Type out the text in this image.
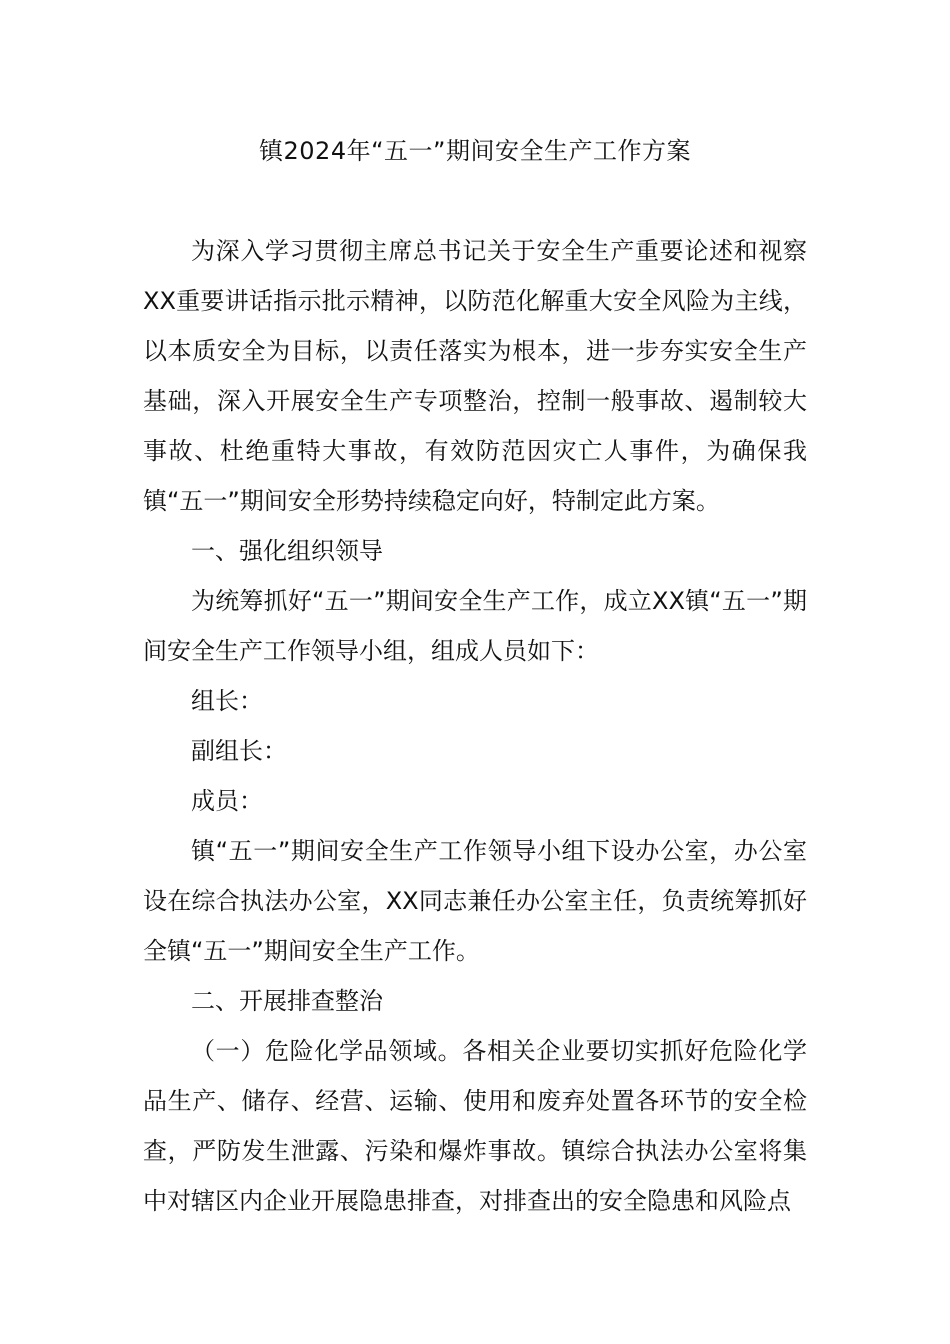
镇2024年“五一”期间安全生产工作方案

为深入学习贯彻主席总书记关于安全生产重要论述和视察XX重要讲话指示批示精神，以防范化解重大安全风险为主线，以本质安全为目标，以责任落实为根本，进一步夯实安全生产基础，深入开展安全生产专项整治，控制一般事故、遏制较大事故、杜绝重特大事故，有效防范因灾亡人事件，为确保我镇“五一”期间安全形势持续稳定向好，特制定此方案。

一、强化组织领导

为统筹抓好“五一”期间安全生产工作，成立XX镇“五一”期间安全生产工作领导小组，组成人员如下：

组长：

副组长：

成员：

镇“五一”期间安全生产工作领导小组下设办公室，办公室设在综合执法办公室，XX同志兼任办公室主任，负责统筹抓好全镇“五一”期间安全生产工作。

二、开展排查整治

（一）危险化学品领域。各相关企业要切实抓好危险化学品生产、储存、经营、运输、使用和废弃处置各环节的安全检查，严防发生泄露、污染和爆炸事故。镇综合执法办公室将集中对辖区内企业开展隐患排查，对排查出的安全隐患和风险点
